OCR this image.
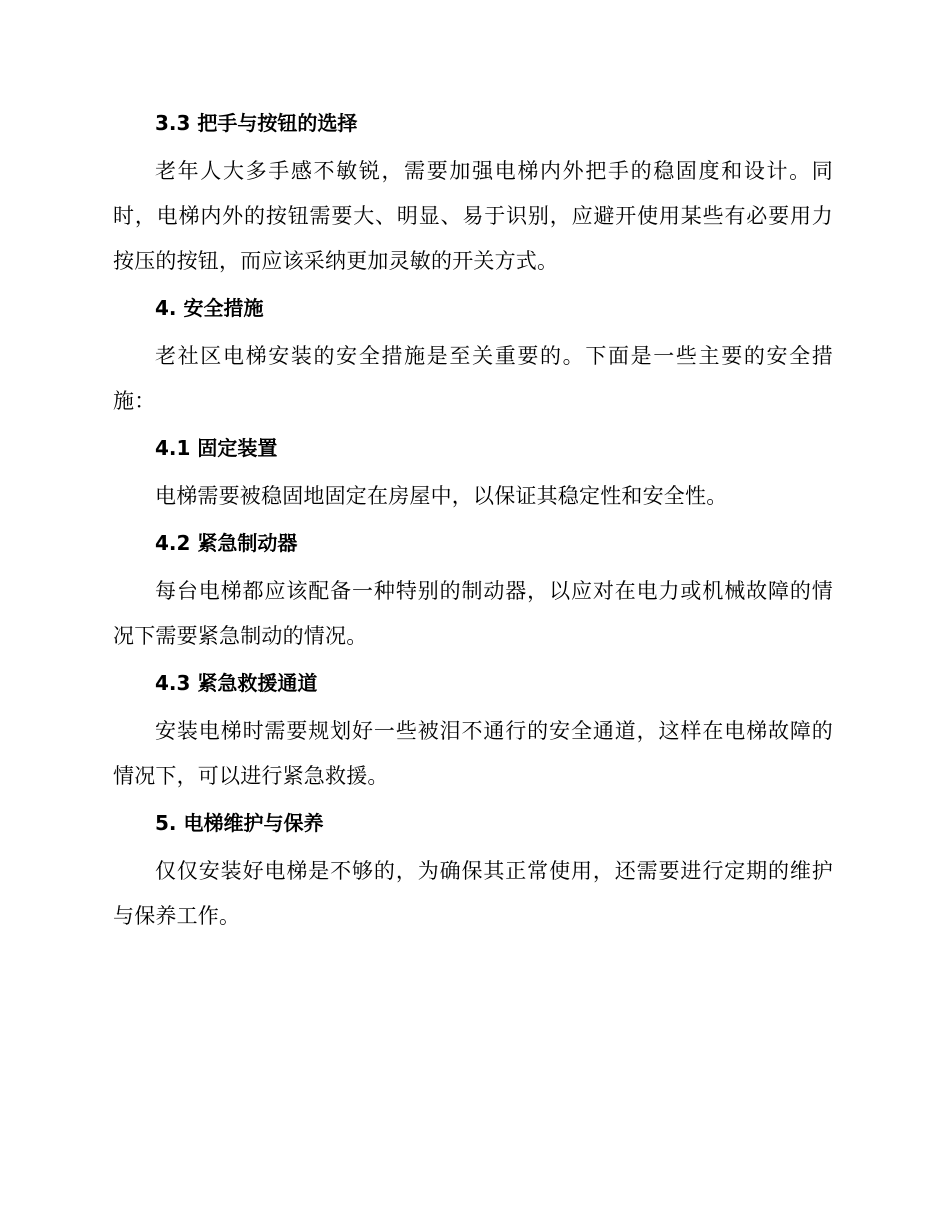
3.3 把手与按钮的选择

老年人大多手感不敏锐，需要加强电梯内外把手的稳固度和设计。同时，电梯内外的按钮需要大、明显、易于识别，应避开使用某些有必要用力按压的按钮，而应该采纳更加灵敏的开关方式。

4. 安全措施

老社区电梯安装的安全措施是至关重要的。下面是一些主要的安全措施：

4.1 固定装置

电梯需要被稳固地固定在房屋中，以保证其稳定性和安全性。

4.2 紧急制动器

每台电梯都应该配备一种特别的制动器，以应对在电力或机械故障的情况下需要紧急制动的情况。

4.3 紧急救援通道

安装电梯时需要规划好一些被泪不通行的安全通道，这样在电梯故障的情况下，可以进行紧急救援。

5. 电梯维护与保养

仅仅安装好电梯是不够的，为确保其正常使用，还需要进行定期的维护与保养工作。
